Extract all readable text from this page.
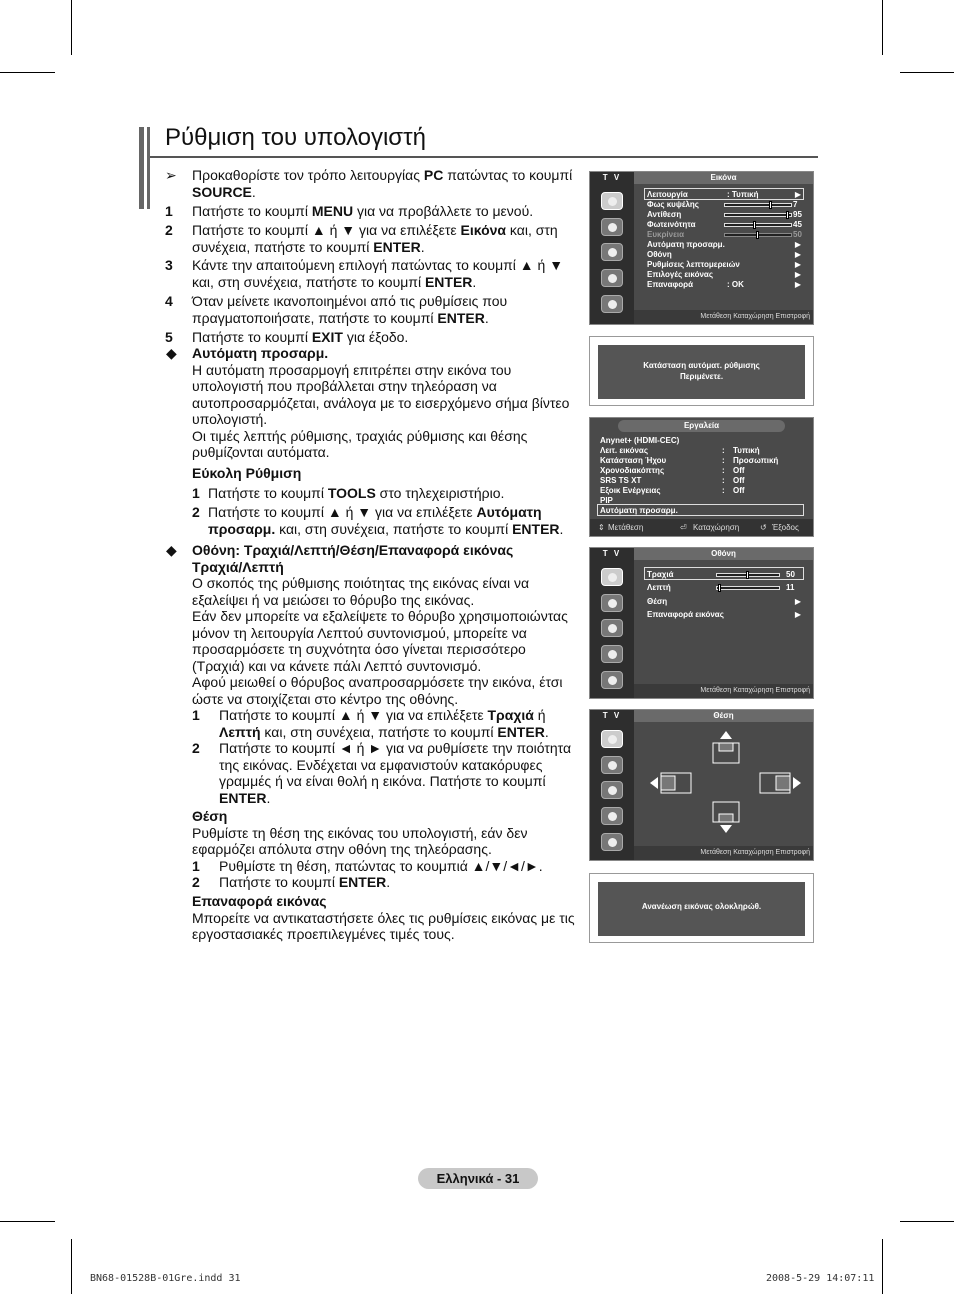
Ρύθμιση του υπολογιστή
➢ Προκαθορίστε τον τρόπο λειτουργίας PC πατώντας το κουμπί
SOURCE.
1 Πατήστε το κουμπί MENU για να προβάλλετε το μενού.
2 Πατήστε το κουμπί ▲ ή ▼ για να επιλέξετε Εικόνα και, στη
συνέχεια, πατήστε το κουμπί ENTER.
3 Κάντε την απαιτούμενη επιλογή πατώντας το κουμπί ▲ ή ▼
και, στη συνέχεια, πατήστε το κουμπί ENTER.
4 Όταν μείνετε ικανοποιημένοι από τις ρυθμίσεις που
πραγματοποιήσατε, πατήστε το κουμπί ENTER.
5 Πατήστε το κουμπί EXIT για έξοδο.
◆ Αυτόματη προσαρμ.
Η αυτόματη προσαρμογή επιτρέπει στην εικόνα του
υπολογιστή που προβάλλεται στην τηλεόραση να
αυτοπροσαρμόζεται, ανάλογα με το εισερχόμενο σήμα βίντεο
υπολογιστή.
Οι τιμές λεπτής ρύθμισης, τραχιάς ρύθμισης και θέσης
ρυθμίζονται αυτόματα.
Εύκολη Ρύθμιση
1 Πατήστε το κουμπί TOOLS στο τηλεχειριστήριο.
2 Πατήστε το κουμπί ▲ ή ▼ για να επιλέξετε Αυτόματη
προσαρμ. και, στη συνέχεια, πατήστε το κουμπί ENTER.
◆ Οθόνη: Τραχιά/Λεπτή/Θέση/Επαναφορά εικόνας
Τραχιά/Λεπτή
Ο σκοπός της ρύθμισης ποιότητας της εικόνας είναι να
εξαλείψει ή να μειώσει το θόρυβο της εικόνας.
Εάν δεν μπορείτε να εξαλείψετε το θόρυβο χρησιμοποιώντας
μόνον τη λειτουργία Λεπτού συντονισμού, μπορείτε να
προσαρμόσετε τη συχνότητα όσο γίνεται περισσότερο
(Τραχιά) και να κάνετε πάλι Λεπτό συντονισμό.
Αφού μειωθεί ο θόρυβος αναπροσαρμόσετε την εικόνα, έτσι
ώστε να στοιχίζεται στο κέντρο της οθόνης.
1 Πατήστε το κουμπί ▲ ή ▼ για να επιλέξετε Τραχιά ή
Λεπτή και, στη συνέχεια, πατήστε το κουμπί ENTER.
2 Πατήστε το κουμπί ◄ ή ► για να ρυθμίσετε την ποιότητα
της εικόνας. Ενδέχεται να εμφανιστούν κατακόρυφες
γραμμές ή να είναι θολή η εικόνα. Πατήστε το κουμπί
ENTER.
Θέση
Ρυθμίστε τη θέση της εικόνας του υπολογιστή, εάν δεν
εφαρμόζει απόλυτα στην οθόνη της τηλεόρασης.
1 Ρυθμίστε τη θέση, πατώντας το κουμπιά ▲/▼/◄/►.
2 Πατήστε το κουμπί ENTER.
Επαναφορά εικόνας
Μπορείτε να αντικαταστήσετε όλες τις ρυθμίσεις εικόνας με τις
εργοστασιακές προεπιλεγμένες τιμές τους.
T V	Εικόνα
Λειτουργία	: Τυπική	▶
Φως κυψέλης	7
Αντίθεση	95
Φωτεινότητα	45
Ευκρίνεια	50
Αυτόματη προσαρμ.	▶
Οθόνη	▶
Ρυθμίσεις λεπτομερειών	▶
Επιλογές εικόνας	▶
Επαναφορά	: OK	▶
Μετάθεση Καταχώρηση Επιστροφή
Κατάσταση αυτόματ. ρύθμισης
Περιμένετε.
Εργαλεία
Anynet+ (HDMI-CEC)
Λειτ. εικόνας	: Τυπική
Κατάσταση Ήχου	: Προσωπική
Χρονοδιακόπτης	: Off
SRS TS XT	: Off
Εξοικ Ενέργειας	: Off
PIP
Αυτόματη προσαρμ.
⇕ Μετάθεση	⏎ Καταχώρηση	↺ Έξοδος
T V	Οθόνη
Τραχιά	50
Λεπτή	11
Θέση	▶
Επαναφορά εικόνας	▶
Μετάθεση Καταχώρηση Επιστροφή
T V	Θέση
Μετάθεση Καταχώρηση Επιστροφή
Ανανέωση εικόνας ολοκληρώθ.
Ελληνικά - 31
BN68-01528B-01Gre.indd 31	2008-5-29 14:07:11
